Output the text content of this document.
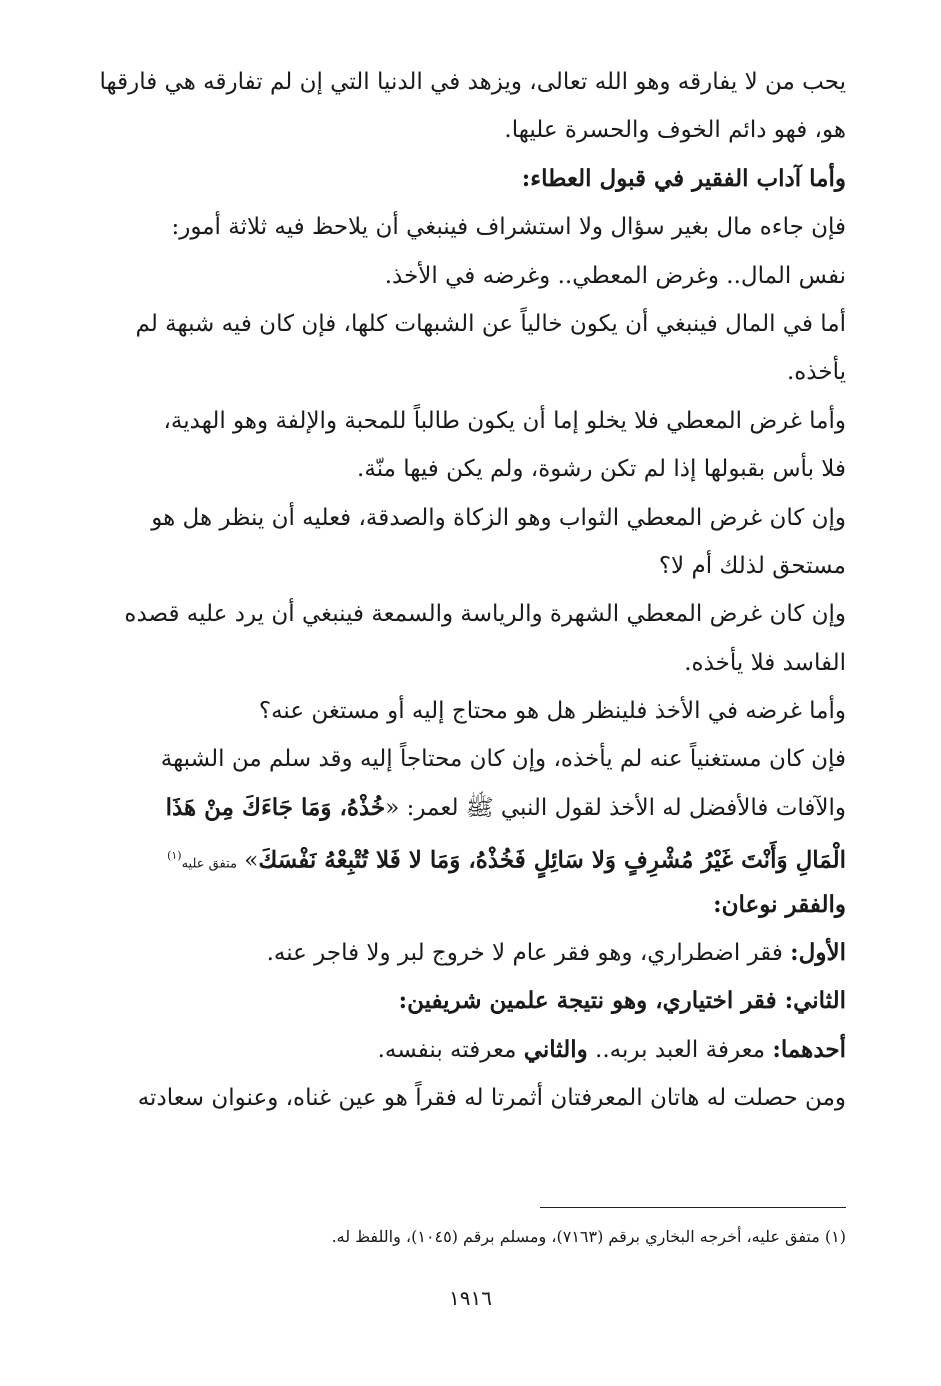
يحب من لا يفارقه وهو الله تعالى، ويزهد في الدنيا التي إن لم تفارقه هي فارقها
هو، فهو دائم الخوف والحسرة عليها.
وأما آداب الفقير في قبول العطاء:
فإن جاءه مال بغير سؤال ولا استشراف فينبغي أن يلاحظ فيه ثلاثة أمور:
نفس المال.. وغرض المعطي.. وغرضه في الأخذ.
أما في المال فينبغي أن يكون خالياً عن الشبهات كلها، فإن كان فيه شبهة لم
يأخذه.
وأما غرض المعطي فلا يخلو إما أن يكون طالباً للمحبة والإلفة وهو الهدية،
فلا بأس بقبولها إذا لم تكن رشوة، ولم يكن فيها منّة.
وإن كان غرض المعطي الثواب وهو الزكاة والصدقة، فعليه أن ينظر هل هو
مستحق لذلك أم لا؟
وإن كان غرض المعطي الشهرة والرياسة والسمعة فينبغي أن يرد عليه قصده
الفاسد فلا يأخذه.
وأما غرضه في الأخذ فلينظر هل هو محتاج إليه أو مستغن عنه؟
فإن كان مستغنياً عنه لم يأخذه، وإن كان محتاجاً إليه وقد سلم من الشبهة
والآفات فالأفضل له الأخذ لقول النبي ﷺ لعمر: «خُذْهُ، وَمَا جَاءَكَ مِنْ هَذَا
الْمَالِ وَأَنْتَ غَيْرُ مُشْرِفٍ وَلا سَائِلٍ فَخُذْهُ، وَمَا لا فَلا تُتْبِعْهُ نَفْسَكَ» متفق عليه$^{(١)}$
والفقر نوعان:
الأول: فقر اضطراري، وهو فقر عام لا خروج لبر ولا فاجر عنه.
الثاني: فقر اختياري، وهو نتيجة علمين شريفين:
أحدهما: معرفة العبد بربه.. والثاني معرفته بنفسه.
ومن حصلت له هاتان المعرفتان أثمرتا له فقراً هو عين غناه، وعنوان سعادته
(١) متفق عليه، أخرجه البخاري برقم (٧١٦٣)، ومسلم برقم (١٠٤٥)، واللفظ له.
١٩١٦
